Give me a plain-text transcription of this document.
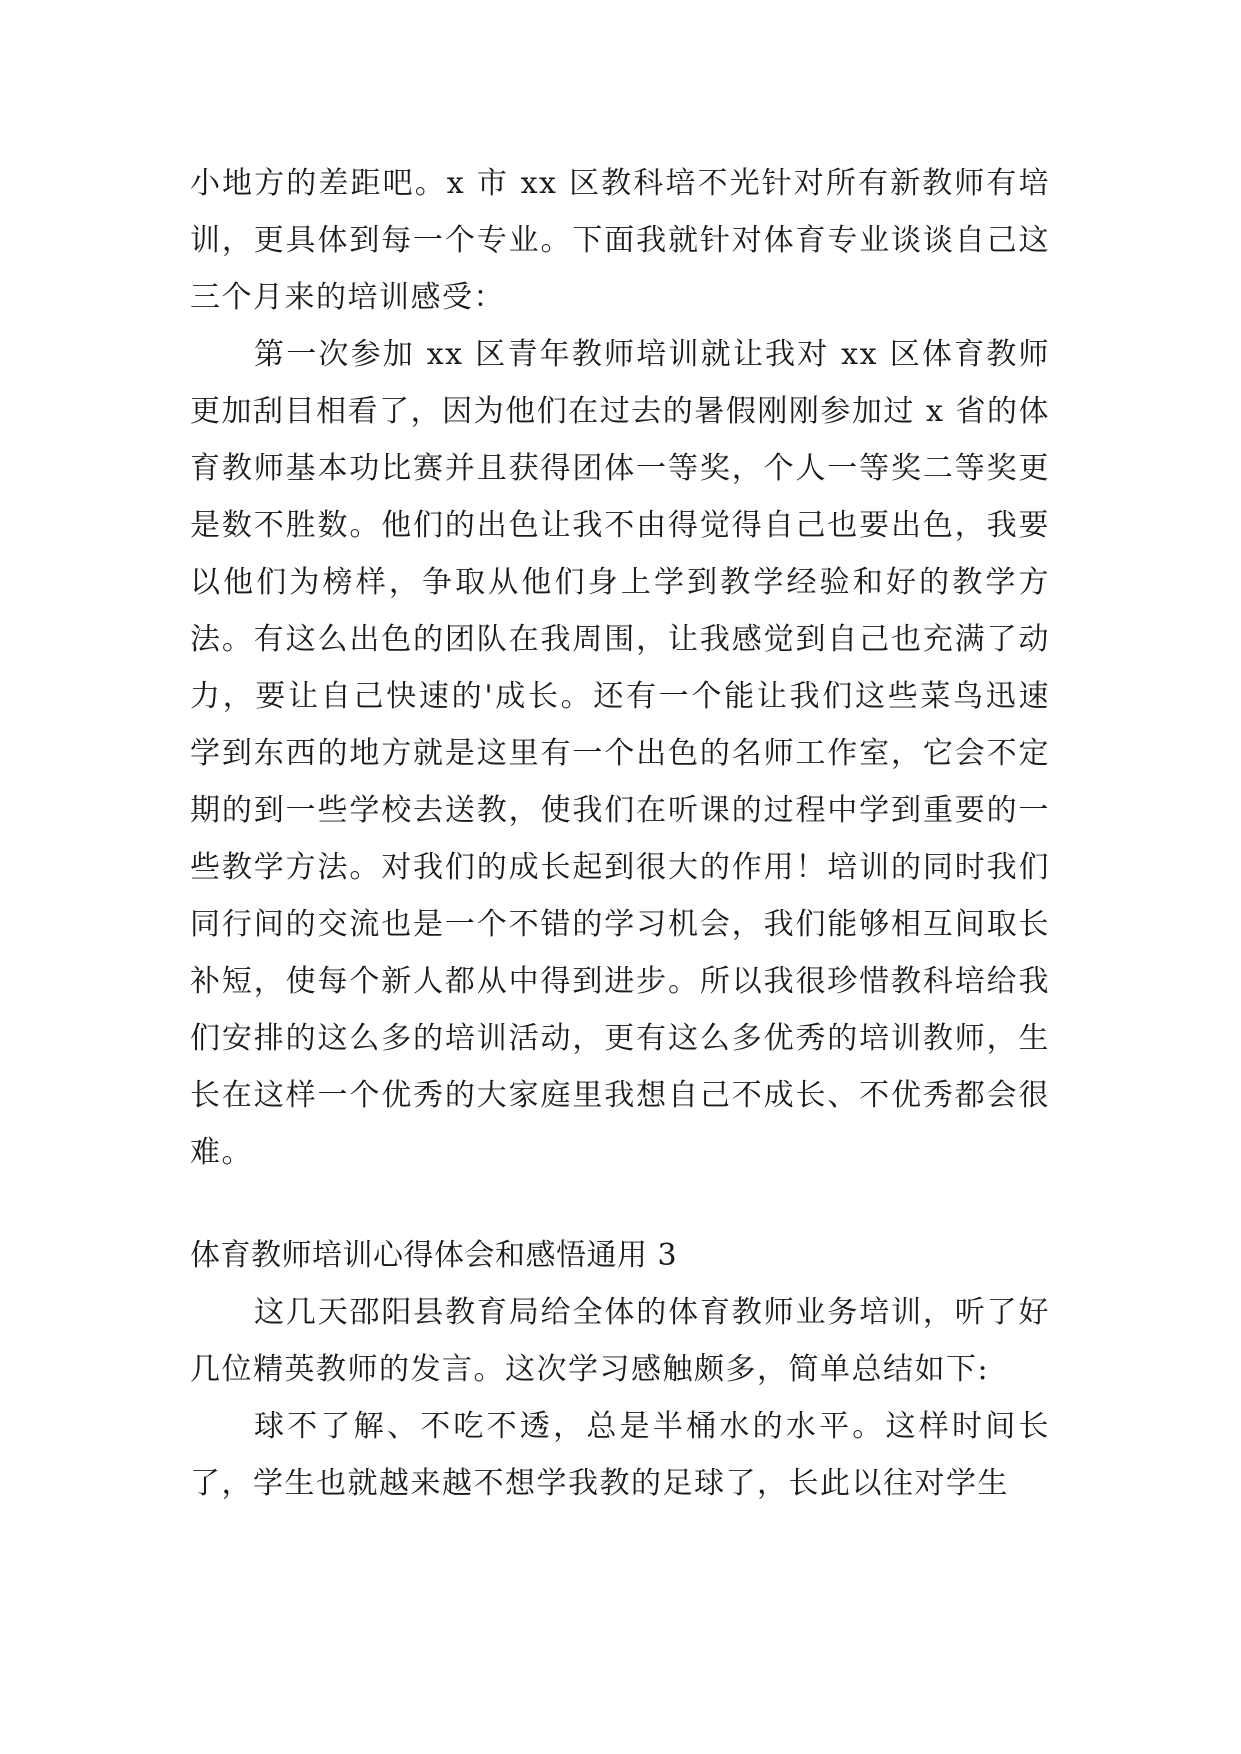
小地方的差距吧。x 市 xx 区教科培不光针对所有新教师有培训，更具体到每一个专业。下面我就针对体育专业谈谈自己这三个月来的培训感受：

第一次参加 xx 区青年教师培训就让我对 xx 区体育教师更加刮目相看了，因为他们在过去的暑假刚刚参加过 x 省的体育教师基本功比赛并且获得团体一等奖，个人一等奖二等奖更是数不胜数。他们的出色让我不由得觉得自己也要出色，我要以他们为榜样，争取从他们身上学到教学经验和好的教学方法。有这么出色的团队在我周围，让我感觉到自己也充满了动力，要让自己快速的'成长。还有一个能让我们这些菜鸟迅速学到东西的地方就是这里有一个出色的名师工作室，它会不定期的到一些学校去送教，使我们在听课的过程中学到重要的一些教学方法。对我们的成长起到很大的作用！培训的同时我们同行间的交流也是一个不错的学习机会，我们能够相互间取长补短，使每个新人都从中得到进步。所以我很珍惜教科培给我们安排的这么多的培训活动，更有这么多优秀的培训教师，生长在这样一个优秀的大家庭里我想自己不成长、不优秀都会很难。

体育教师培训心得体会和感悟通用 3

这几天邵阳县教育局给全体的体育教师业务培训，听了好几位精英教师的发言。这次学习感触颇多，简单总结如下:

球不了解、不吃不透，总是半桶水的水平。这样时间长了，学生也就越来越不想学我教的足球了，长此以往对学生
